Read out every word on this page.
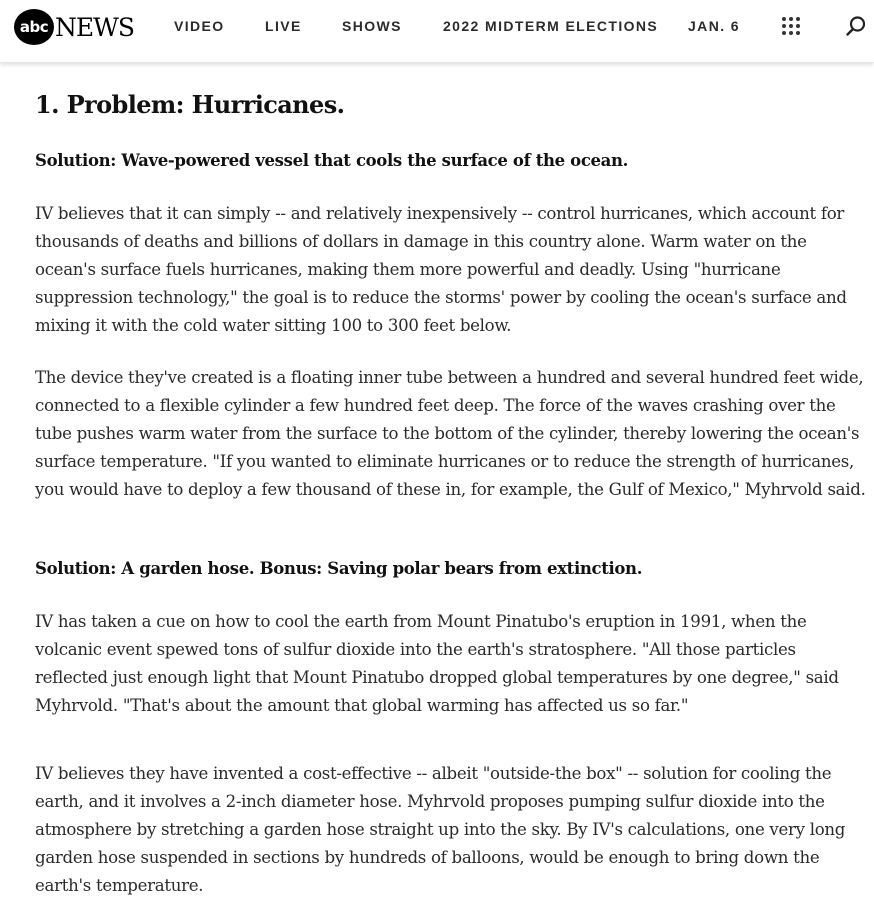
abc NEWS	VIDEO	LIVE	SHOWS	2022 MIDTERM ELECTIONS JAN. 6
1. Problem: Hurricanes.

Solution: Wave-powered vessel that cools the surface of the ocean.

IV believes that it can simply -- and relatively inexpensively -- control hurricanes, which account for thousands of deaths and billions of dollars in damage in this country alone. Warm water on the ocean's surface fuels hurricanes, making them more powerful and deadly. Using "hurricane suppression technology," the goal is to reduce the storms' power by cooling the ocean's surface and mixing it with the cold water sitting 100 to 300 feet below.

The device they've created is a floating inner tube between a hundred and several hundred feet wide, connected to a flexible cylinder a few hundred feet deep. The force of the waves crashing over the tube pushes warm water from the surface to the bottom of the cylinder, thereby lowering the ocean's surface temperature. "If you wanted to eliminate hurricanes or to reduce the strength of hurricanes, you would have to deploy a few thousand of these in, for example, the Gulf of Mexico," Myhrvold said.

Solution: A garden hose. Bonus: Saving polar bears from extinction.

IV has taken a cue on how to cool the earth from Mount Pinatubo's eruption in 1991, when the volcanic event spewed tons of sulfur dioxide into the earth's stratosphere. "All those particles reflected just enough light that Mount Pinatubo dropped global temperatures by one degree," said Myhrvold. "That's about the amount that global warming has affected us so far."

IV believes they have invented a cost-effective -- albeit "outside-the box" -- solution for cooling the earth, and it involves a 2-inch diameter hose. Myhrvold proposes pumping sulfur dioxide into the atmosphere by stretching a garden hose straight up into the sky. By IV's calculations, one very long garden hose suspended in sections by hundreds of balloons, would be enough to bring down the earth's temperature.
